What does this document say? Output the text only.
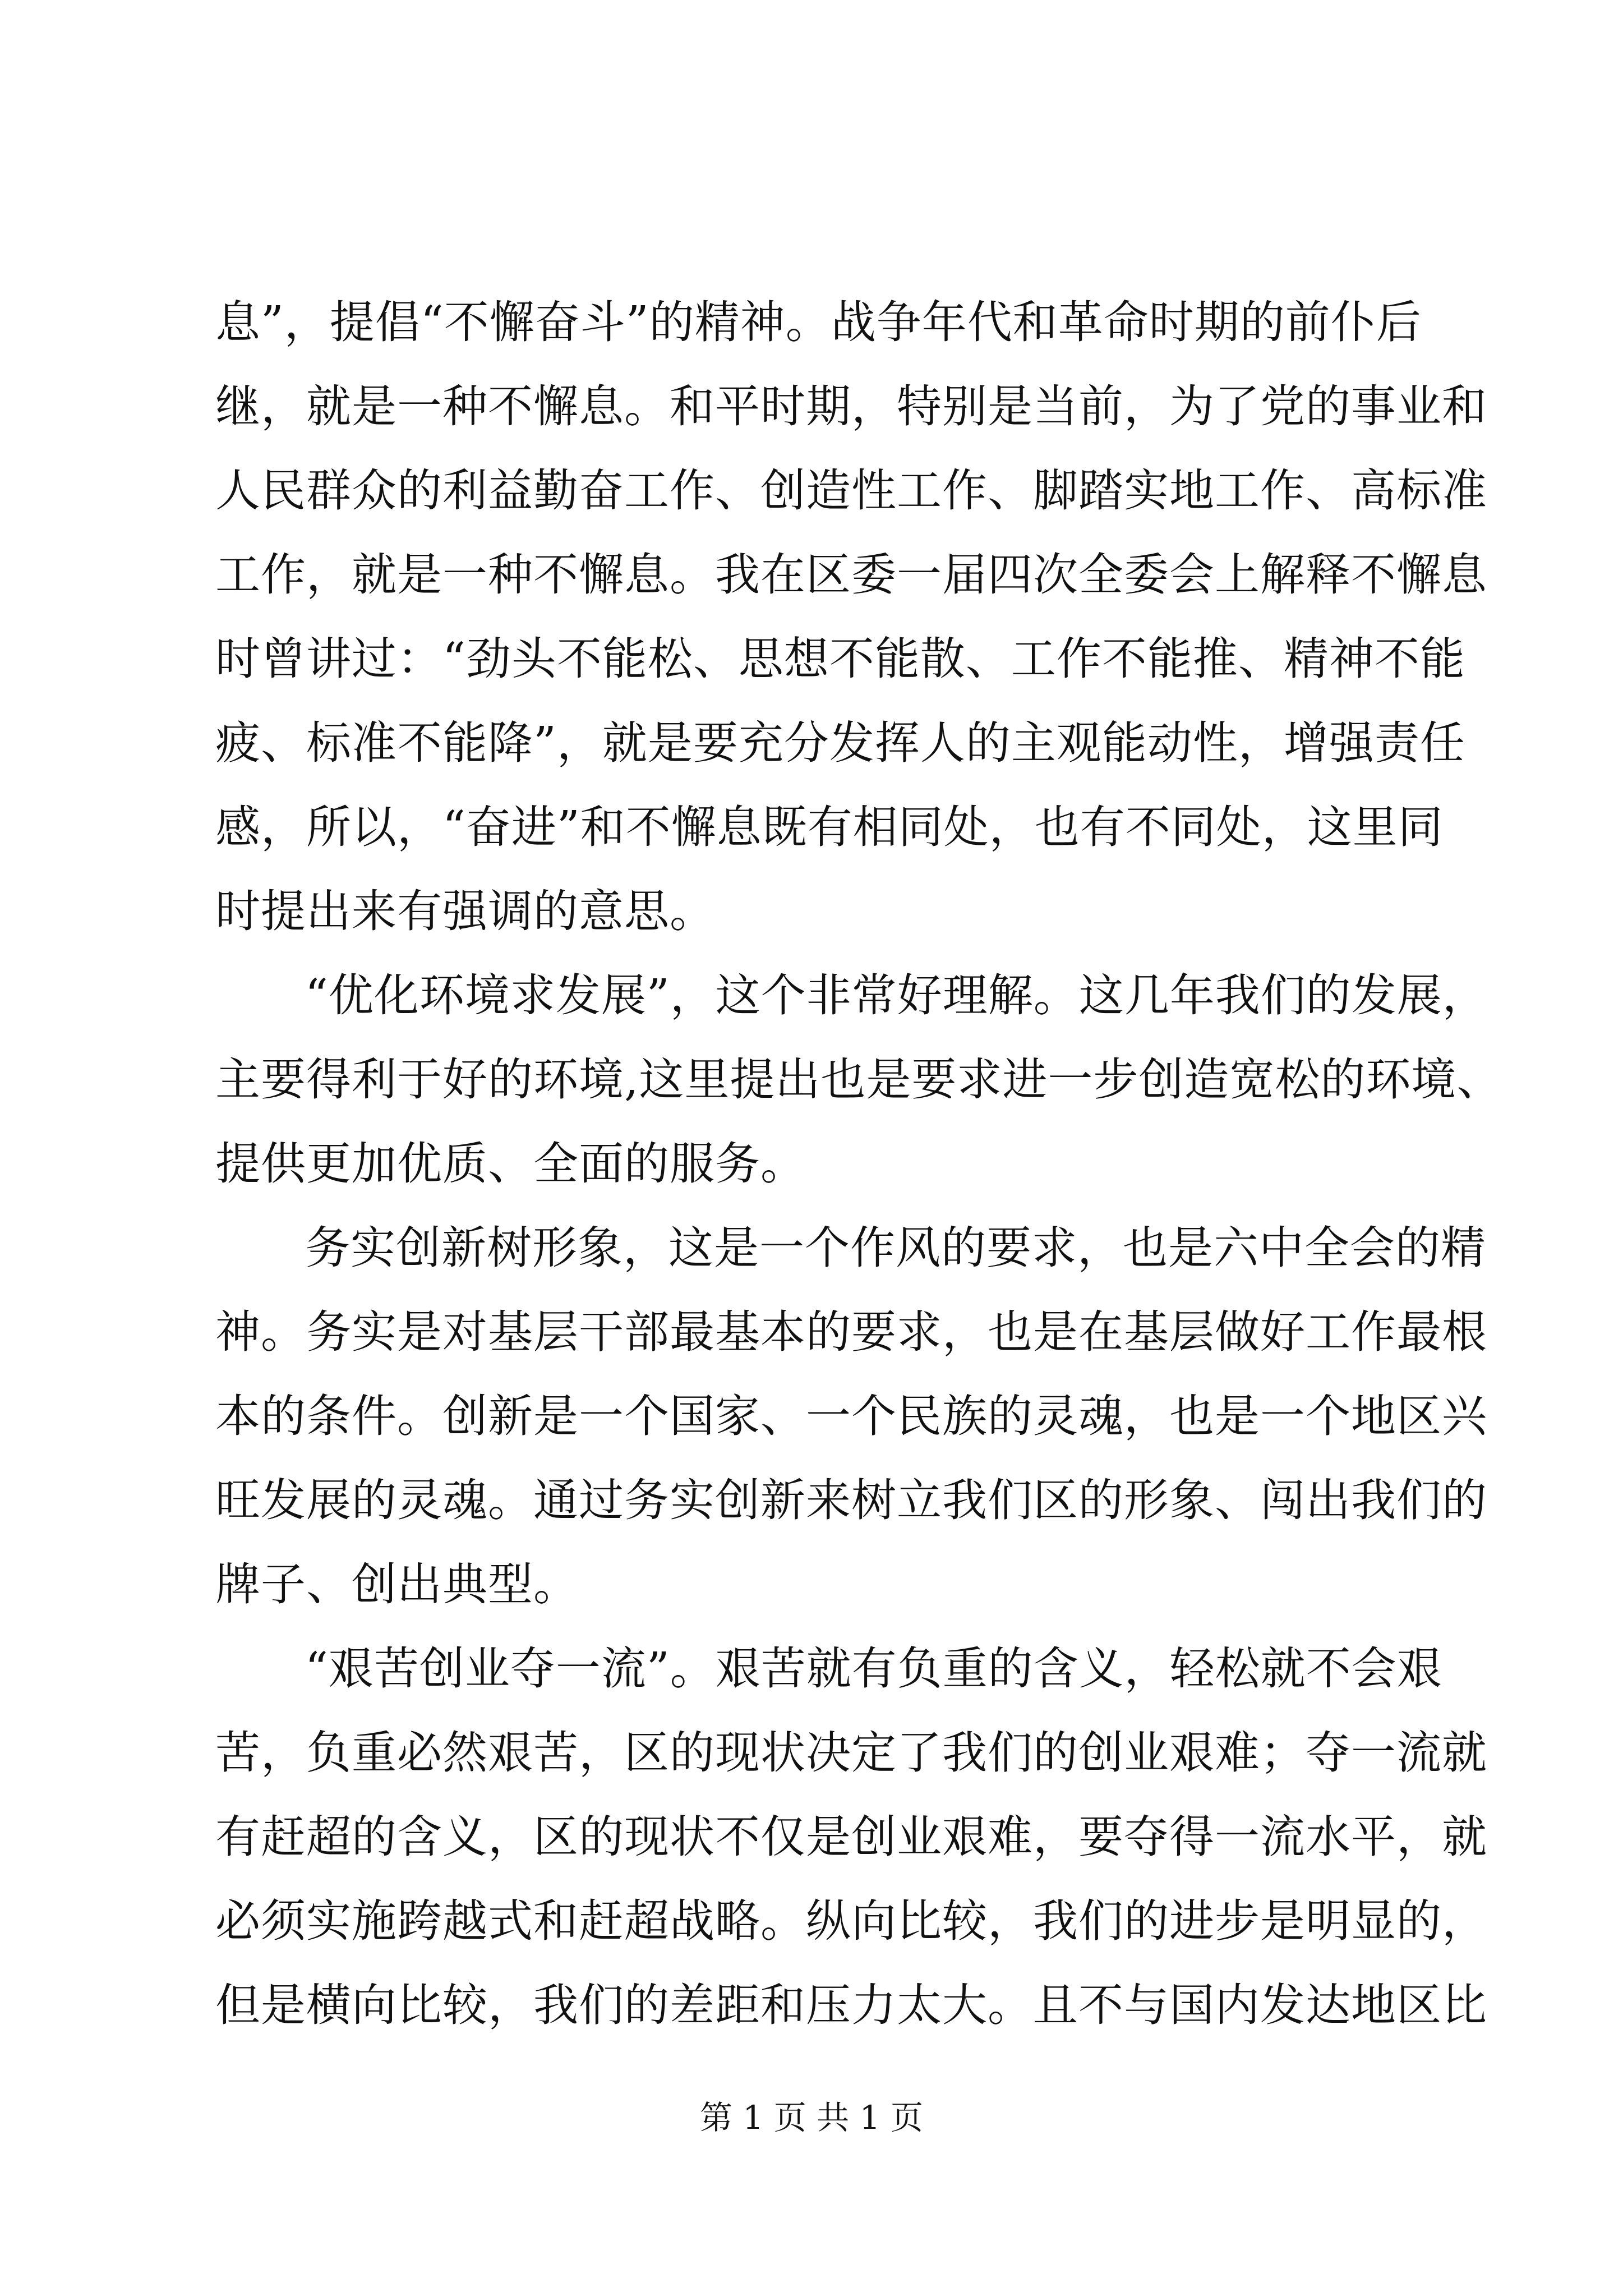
息”，提倡“不懈奋斗”的精神。战争年代和革命时期的前仆后
继，就是一种不懈息。和平时期，特别是当前，为了党的事业和
人民群众的利益勤奋工作、创造性工作、脚踏实地工作、高标准
工作，就是一种不懈息。我在区委一届四次全委会上解释不懈息
时曾讲过：“劲头不能松、思想不能散、工作不能推、精神不能
疲、标准不能降”，就是要充分发挥人的主观能动性，增强责任
感，所以，“奋进”和不懈息既有相同处，也有不同处，这里同
时提出来有强调的意思。
“优化环境求发展”，这个非常好理解。这几年我们的发展，
主要得利于好的环境,这里提出也是要求进一步创造宽松的环境、
提供更加优质、全面的服务。
务实创新树形象，这是一个作风的要求，也是六中全会的精
神。务实是对基层干部最基本的要求，也是在基层做好工作最根
本的条件。创新是一个国家、一个民族的灵魂，也是一个地区兴
旺发展的灵魂。通过务实创新来树立我们区的形象、闯出我们的
牌子、创出典型。
“艰苦创业夺一流”。艰苦就有负重的含义，轻松就不会艰
苦，负重必然艰苦，区的现状决定了我们的创业艰难；夺一流就
有赶超的含义，区的现状不仅是创业艰难，要夺得一流水平，就
必须实施跨越式和赶超战略。纵向比较，我们的进步是明显的，
但是横向比较，我们的差距和压力太大。且不与国内发达地区比
第 1 页 共 1 页
